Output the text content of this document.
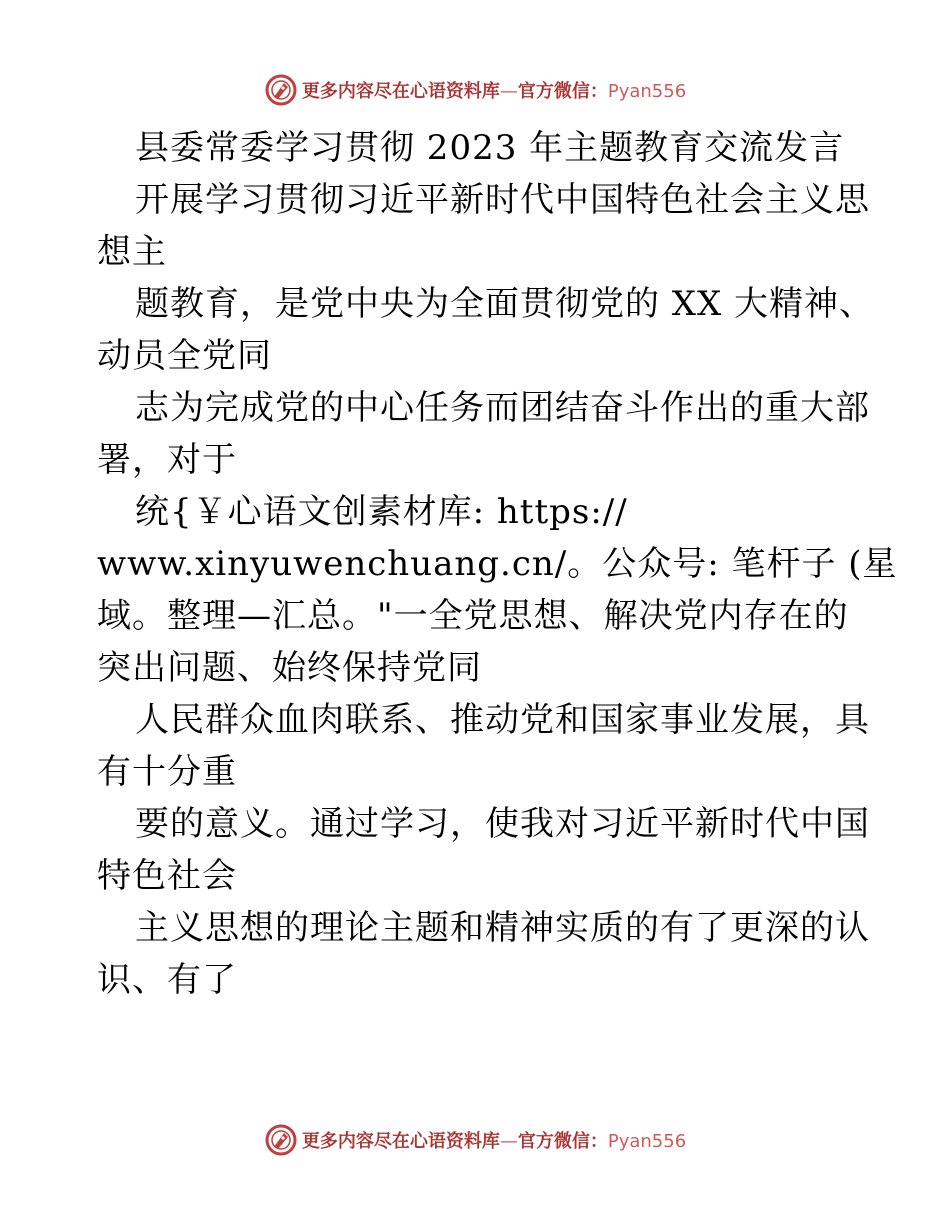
更多内容尽在心语资料库—官方微信：Pyan556
县委常委学习贯彻 2023 年主题教育交流发言
开展学习贯彻习近平新时代中国特色社会主义思
想主
题教育，是党中央为全面贯彻党的 XX 大精神、
动员全党同
志为完成党的中心任务而团结奋斗作出的重大部
署，对于
统{￥心语文创素材库: https://
www.xinyuwenchuang.cn/。公众号: 笔杆子 (星
域。整理—汇总。"一全党思想、解决党内存在的
突出问题、始终保持党同
人民群众血肉联系、推动党和国家事业发展，具
有十分重
要的意义。通过学习，使我对习近平新时代中国
特色社会
主义思想的理论主题和精神实质的有了更深的认
识、有了
更多内容尽在心语资料库—官方微信：Pyan556
